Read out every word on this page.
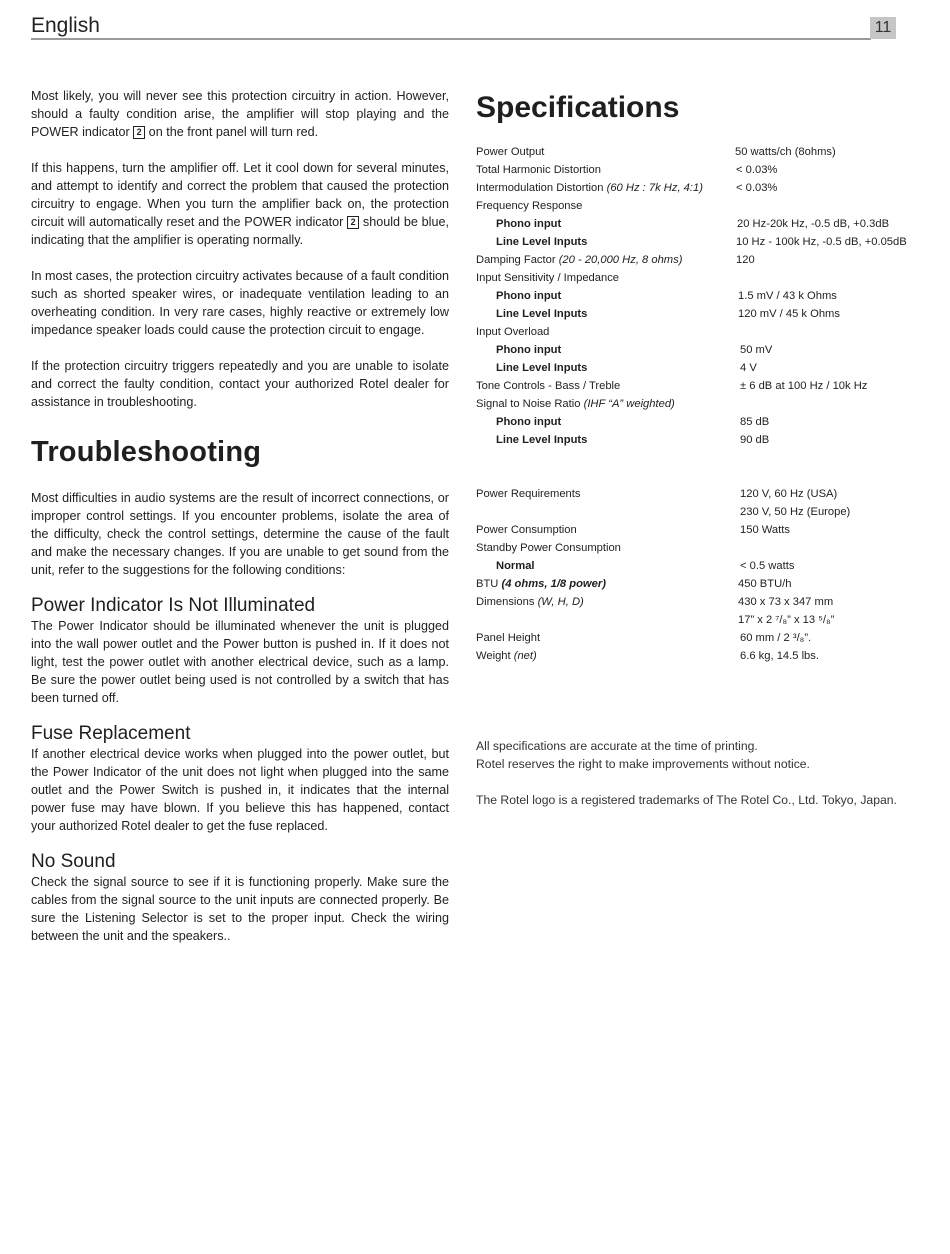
English	11

Most likely, you will never see this protection circuitry in action. However, should a faulty condition arise, the amplifier will stop playing and the POWER indicator 2 on the front panel will turn red.

If this happens, turn the amplifier off. Let it cool down for several minutes, and attempt to identify and correct the problem that caused the protection circuitry to engage. When you turn the amplifier back on, the protection circuit will automatically reset and the POWER indicator 2 should be blue, indicating that the amplifier is operating normally.

In most cases, the protection circuitry activates because of a fault condition such as shorted speaker wires, or inadequate ventilation leading to an overheating condition. In very rare cases, highly reactive or extremely low impedance speaker loads could cause the protection circuit to engage.

If the protection circuitry triggers repeatedly and you are unable to isolate and correct the faulty condition, contact your authorized Rotel dealer for assistance in troubleshooting.

Troubleshooting

Most difficulties in audio systems are the result of incorrect connections, or improper control settings. If you encounter problems, isolate the area of the difficulty, check the control settings, determine the cause of the fault and make the necessary changes. If you are unable to get sound from the unit, refer to the suggestions for the following conditions:

Power Indicator Is Not Illuminated

The Power Indicator should be illuminated whenever the unit is plugged into the wall power outlet and the Power button is pushed in. If it does not light, test the power outlet with another electrical device, such as a lamp. Be sure the power outlet being used is not controlled by a switch that has been turned off.

Fuse Replacement

If another electrical device works when plugged into the power outlet, but the Power Indicator of the unit does not light when plugged into the same outlet and the Power Switch is pushed in, it indicates that the internal power fuse may have blown. If you believe this has happened, contact your authorized Rotel dealer to get the fuse replaced.

No Sound

Check the signal source to see if it is functioning properly. Make sure the cables from the signal source to the unit inputs are connected properly. Be sure the Listening Selector is set to the proper input. Check the wiring between the unit and the speakers..

Specifications
Power Output	50 watts/ch (8ohms)
Total Harmonic Distortion	< 0.03%
Intermodulation Distortion (60 Hz : 7k Hz, 4:1)	< 0.03%
Frequency Response
Phono input	20 Hz-20k Hz, -0.5 dB, +0.3dB
Line Level Inputs	10 Hz - 100k Hz, -0.5 dB, +0.05dB
Damping Factor (20 - 20,000 Hz, 8 ohms)	120
Input Sensitivity / Impedance
Phono input	1.5 mV / 43 k Ohms
Line Level Inputs	120 mV / 45 k Ohms
Input Overload
Phono input	50 mV
Line Level Inputs	4 V
Tone Controls - Bass / Treble	± 6 dB at 100 Hz / 10k Hz
Signal to Noise Ratio (IHF “A” weighted)
Phono input	85 dB
Line Level Inputs	90 dB
Power Requirements	120 V, 60 Hz (USA)
230 V, 50 Hz (Europe)
Power Consumption	150 Watts
Standby Power Consumption
Normal	< 0.5 watts
BTU (4 ohms, 1/8 power)	450 BTU/h
Dimensions (W, H, D)	430 x 73 x 347 mm
17” x 2 ⁷/₈” x 13 ⁵/₈”
Panel Height	60 mm / 2 ³/₈”.
Weight (net)	6.6 kg, 14.5 lbs.

All specifications are accurate at the time of printing.

Rotel reserves the right to make improvements without notice.

The Rotel logo is a registered trademarks of The Rotel Co., Ltd. Tokyo, Japan.
